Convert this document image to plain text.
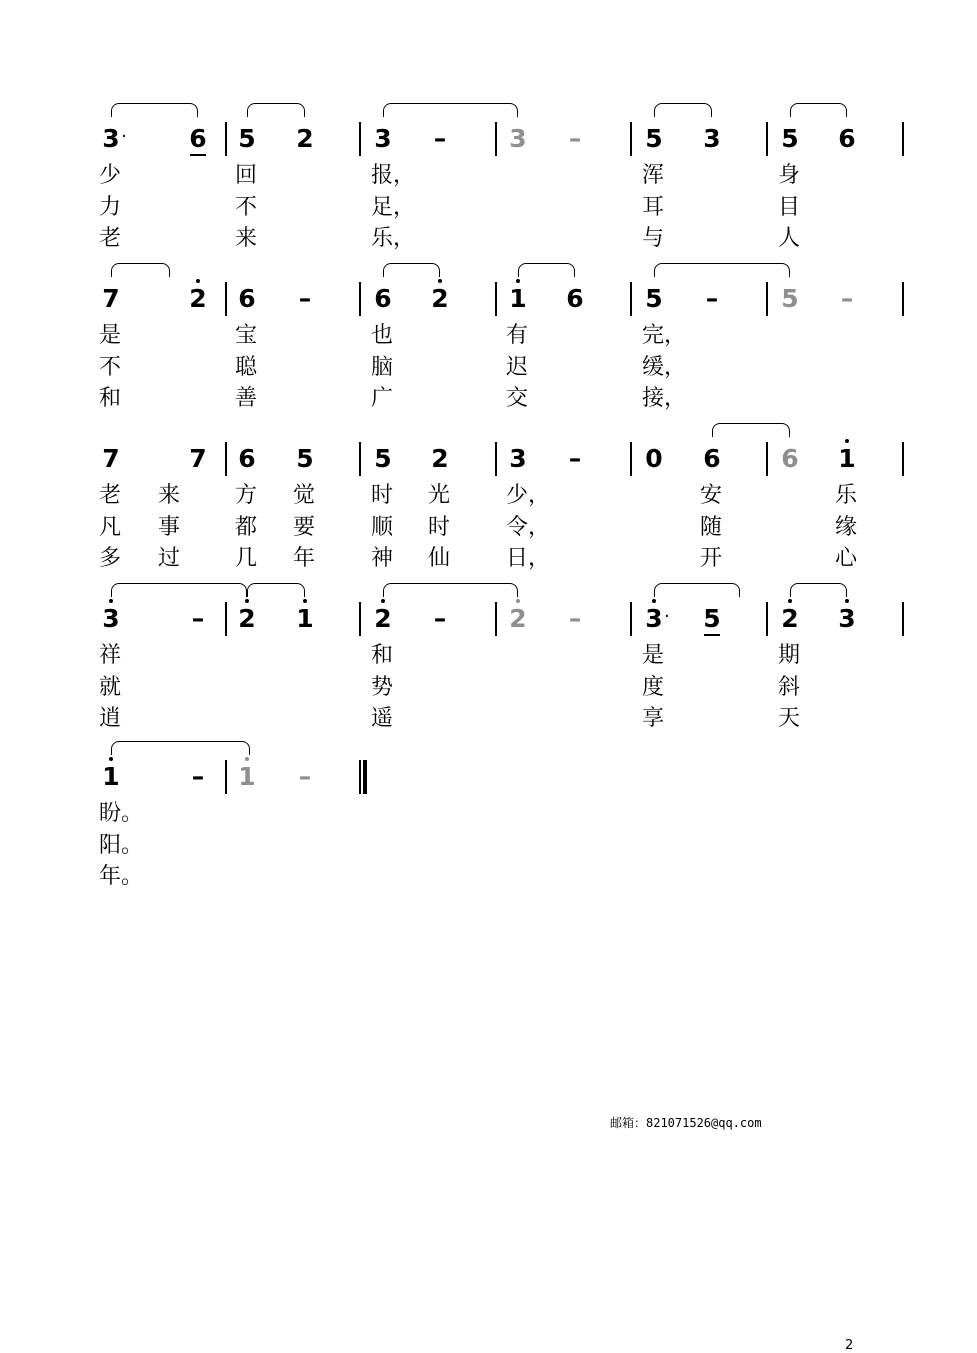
3 ·	6	5	2	3	–	3	–	5	3	5	6
少	回	报，	浑	身
力	不	足，	耳	目
老	来	乐，	与	人
7	2	6	–	6	2	1	6	5	–	5	–
是	宝	也	有	完，
不	聪	脑	迟	缓，
和	善	广	交	接，
7	7	6	5	5	2	3	–	0	6	6	1
老	来	方	觉	时	光	少，	安	乐
凡	事	都	要	顺	时	令，	随	缘
多	过	几	年	神	仙	日，	开	心
3	–	2	1	2	–	2	–	3 ·	5	2	3
祥	和	是	期
就	势	度	斜
逍	遥	享	天
1	–	1	–
盼。
阳。
年。
邮箱：821071526@qq.com
2
